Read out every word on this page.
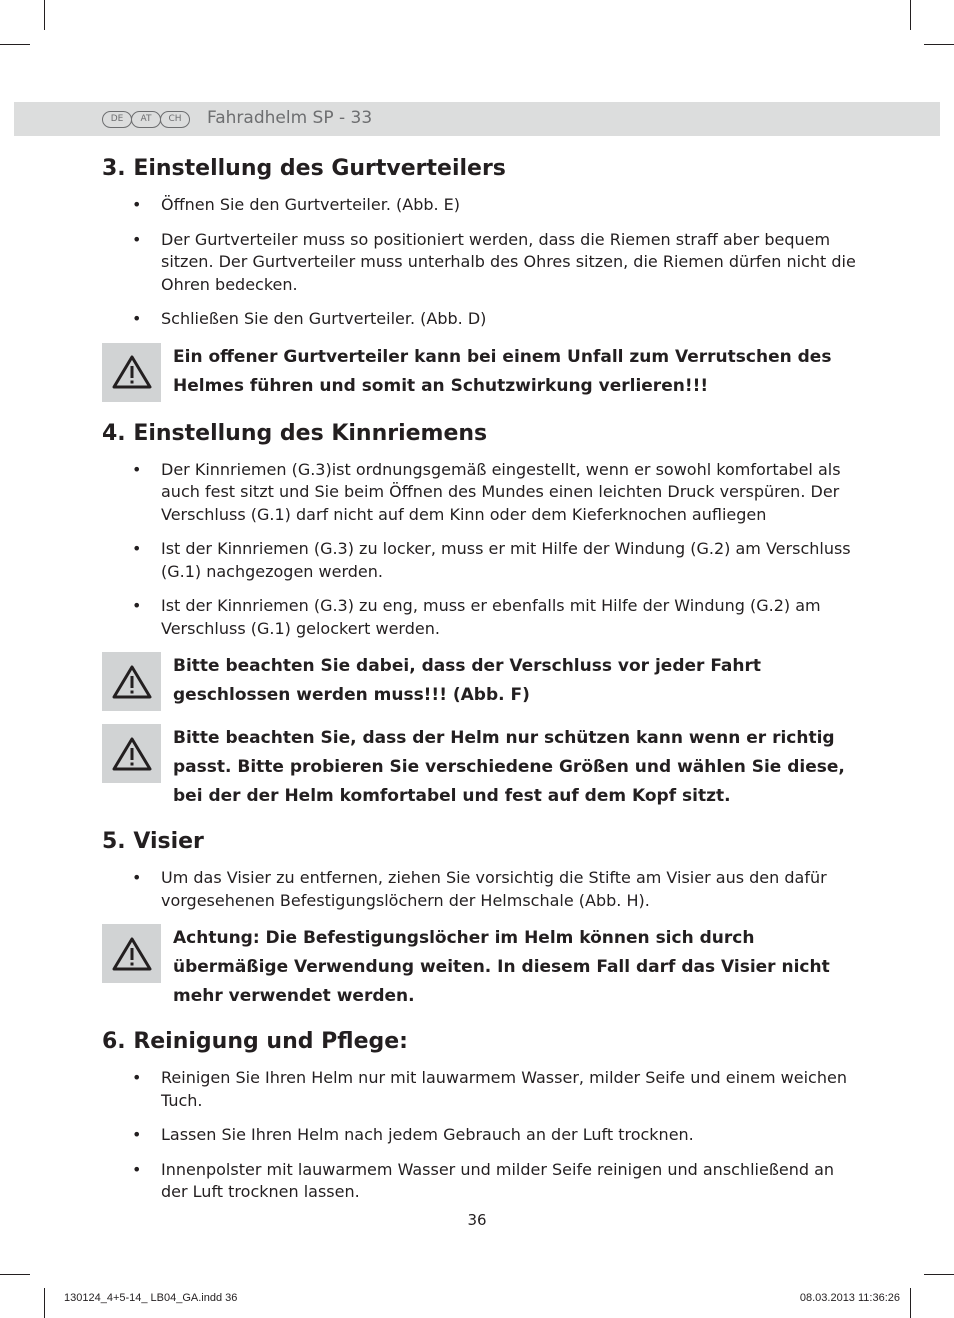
DE	AT	CH	Fahradhelm SP - 33
3. Einstellung des Gurtverteilers
• Öffnen Sie den Gurtverteiler. (Abb. E)
• Der Gurtverteiler muss so positioniert werden, dass die Riemen straff aber bequem sitzen. Der Gurtverteiler muss unterhalb des Ohres sitzen, die Riemen dürfen nicht die Ohren bedecken.
• Schließen Sie den Gurtverteiler. (Abb. D)
Ein offener Gurtverteiler kann bei einem Unfall zum Verrutschen des Helmes führen und somit an Schutzwirkung verlieren!!!
4. Einstellung des Kinnriemens
• Der Kinnriemen (G.3)ist ordnungsgemäß eingestellt, wenn er sowohl komfortabel als auch fest sitzt und Sie beim Öffnen des Mundes einen leichten Druck verspüren. Der Verschluss (G.1) darf nicht auf dem Kinn oder dem Kieferknochen aufliegen
• Ist der Kinnriemen (G.3) zu locker, muss er mit Hilfe der Windung (G.2) am Verschluss (G.1) nachgezogen werden.
• Ist der Kinnriemen (G.3) zu eng, muss er ebenfalls mit Hilfe der Windung (G.2) am Verschluss (G.1) gelockert werden.
Bitte beachten Sie dabei, dass der Verschluss vor jeder Fahrt geschlossen werden muss!!! (Abb. F)
Bitte beachten Sie, dass der Helm nur schützen kann wenn er richtig passt. Bitte probieren Sie verschiedene Größen und wählen Sie diese, bei der der Helm komfortabel und fest auf dem Kopf sitzt.
5. Visier
• Um das Visier zu entfernen, ziehen Sie vorsichtig die Stifte am Visier aus den dafür vorgesehenen Befestigungslöchern der Helmschale (Abb. H).
Achtung: Die Befestigungslöcher im Helm können sich durch übermäßige Verwendung weiten. In diesem Fall darf das Visier nicht mehr verwendet werden.
6. Reinigung und Pflege:
• Reinigen Sie Ihren Helm nur mit lauwarmem Wasser, milder Seife und einem weichen Tuch.
• Lassen Sie Ihren Helm nach jedem Gebrauch an der Luft trocknen.
• Innenpolster mit lauwarmem Wasser und milder Seife reinigen und anschließend an der Luft trocknen lassen.
36
130124_4+5-14_ LB04_GA.indd 36	08.03.2013 11:36:26
